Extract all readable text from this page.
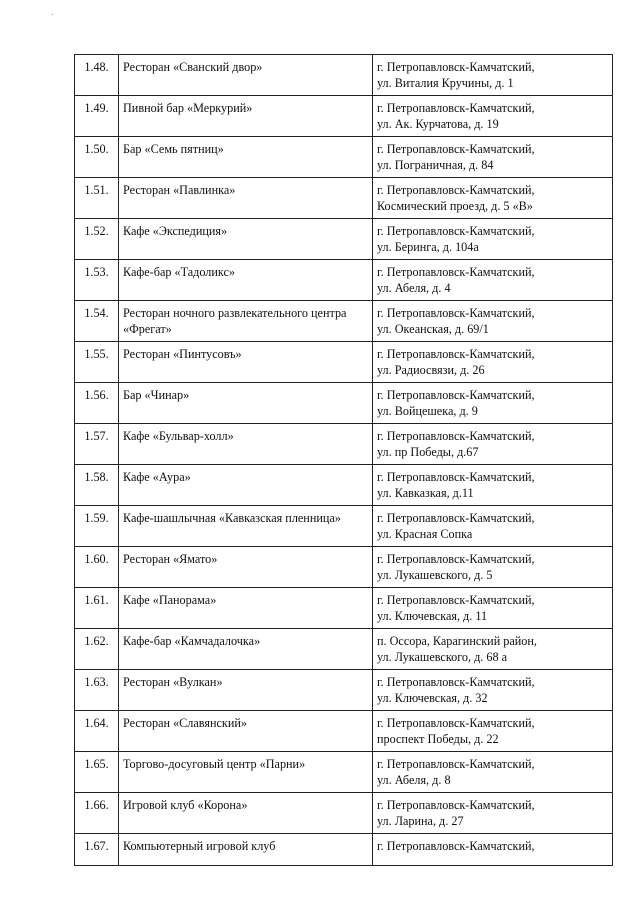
1.48.	Ресторан «Сванский двор»	г. Петропавловск-Камчатский,
ул. Виталия Кручины, д. 1

1.49.	Пивной бар «Меркурий»	г. Петропавловск-Камчатский,
ул. Ак. Курчатова, д. 19

1.50.	Бар «Семь пятниц»	г. Петропавловск-Камчатский,
ул. Пограничная, д. 84

1.51.	Ресторан «Павлинка»	г. Петропавловск-Камчатский,
Космический проезд, д. 5 «В»

1.52.	Кафе «Экспедиция»	г. Петропавловск-Камчатский,
ул. Беринга, д. 104а

1.53.	Кафе-бар «Тадоликс»	г. Петропавловск-Камчатский,
ул. Абеля, д. 4

1.54.	Ресторан ночного развлекательного центра
«Фрегат»	г. Петропавловск-Камчатский,
ул. Океанская, д. 69/1

1.55.	Ресторан «Пинтусовъ»	г. Петропавловск-Камчатский,
ул. Радиосвязи, д. 26

1.56.	Бар «Чинар»	г. Петропавловск-Камчатский,
ул. Войцешека, д. 9

1.57.	Кафе «Бульвар-холл»	г. Петропавловск-Камчатский,
ул. пр Победы, д.67

1.58.	Кафе «Аура»	г. Петропавловск-Камчатский,
ул. Кавказкая, д.11

1.59.	Кафе-шашлычная «Кавказская пленница»	г. Петропавловск-Камчатский,
ул. Красная Сопка

1.60.	Ресторан «Ямато»	г. Петропавловск-Камчатский,
ул. Лукашевского, д. 5

1.61.	Кафе «Панорама»	г. Петропавловск-Камчатский,
ул. Ключевская, д. 11

1.62.	Кафе-бар «Камчадалочка»	п. Оссора, Карагинский район,
ул. Лукашевского, д. 68 а

1.63.	Ресторан «Вулкан»	г. Петропавловск-Камчатский,
ул. Ключевская, д. 32

1.64.	Ресторан «Славянский»	г. Петропавловск-Камчатский,
проспект Победы, д. 22

1.65.	Торгово-досуговый центр «Парни»	г. Петропавловск-Камчатский,
ул. Абеля, д. 8

1.66.	Игровой клуб «Корона»	г. Петропавловск-Камчатский,
ул. Ларина, д. 27

1.67.	Компьютерный игровой клуб	г. Петропавловск-Камчатский,
